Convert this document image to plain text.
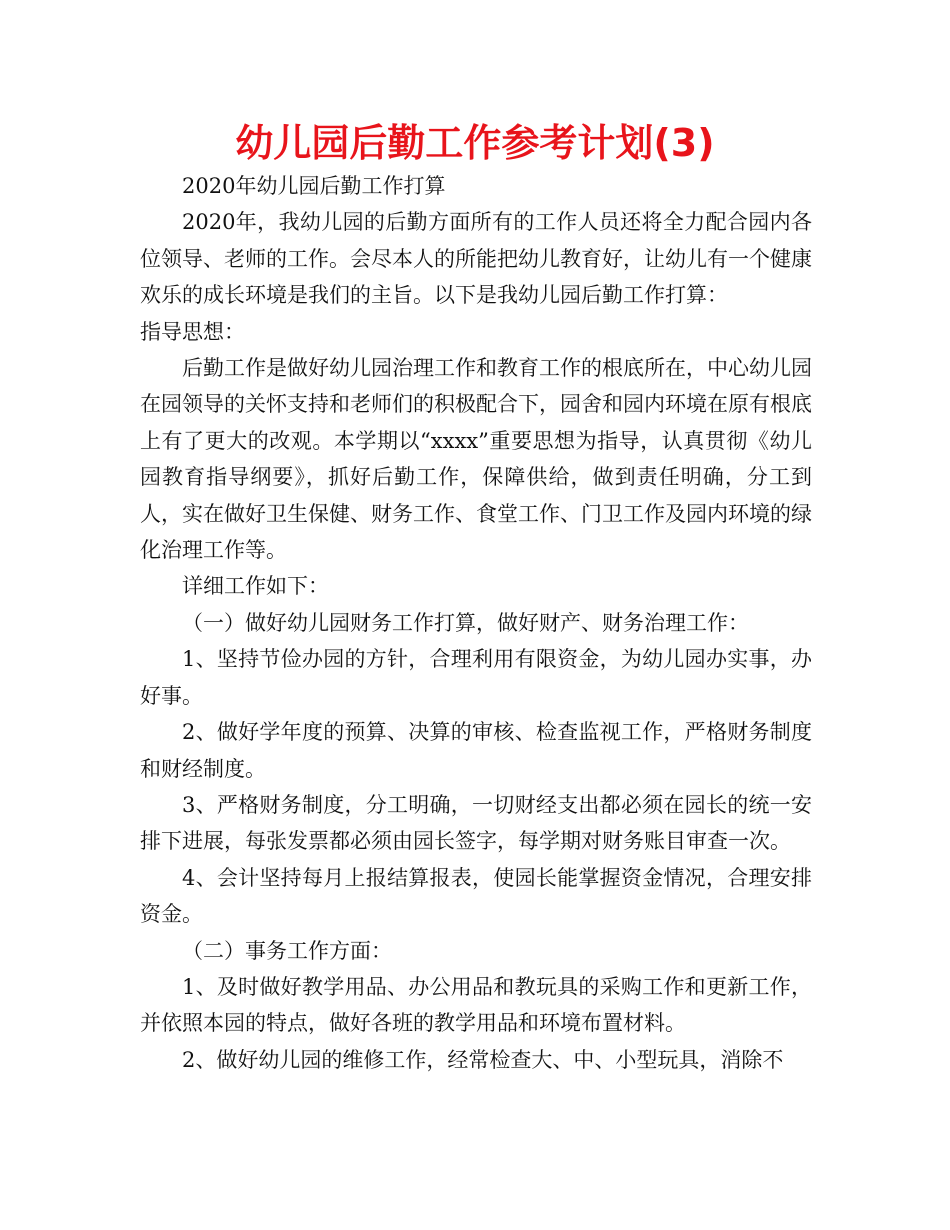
幼儿园后勤工作参考计划(3)

2020年幼儿园后勤工作打算

2020年，我幼儿园的后勤方面所有的工作人员还将全力配合园内各位领导、老师的工作。会尽本人的所能把幼儿教育好，让幼儿有一个健康欢乐的成长环境是我们的主旨。以下是我幼儿园后勤工作打算：

指导思想：

后勤工作是做好幼儿园治理工作和教育工作的根底所在，中心幼儿园在园领导的关怀支持和老师们的积极配合下，园舍和园内环境在原有根底上有了更大的改观。本学期以“xxxx”重要思想为指导，认真贯彻《幼儿园教育指导纲要》，抓好后勤工作，保障供给，做到责任明确，分工到人，实在做好卫生保健、财务工作、食堂工作、门卫工作及园内环境的绿化治理工作等。

详细工作如下：

（一）做好幼儿园财务工作打算，做好财产、财务治理工作：

1、坚持节俭办园的方针，合理利用有限资金，为幼儿园办实事，办好事。

2、做好学年度的预算、决算的审核、检查监视工作，严格财务制度和财经制度。

3、严格财务制度，分工明确，一切财经支出都必须在园长的统一安排下进展，每张发票都必须由园长签字，每学期对财务账目审查一次。

4、会计坚持每月上报结算报表，使园长能掌握资金情况，合理安排资金。

（二）事务工作方面：

1、及时做好教学用品、办公用品和教玩具的采购工作和更新工作，并依照本园的特点，做好各班的教学用品和环境布置材料。

2、做好幼儿园的维修工作，经常检查大、中、小型玩具，消除不
